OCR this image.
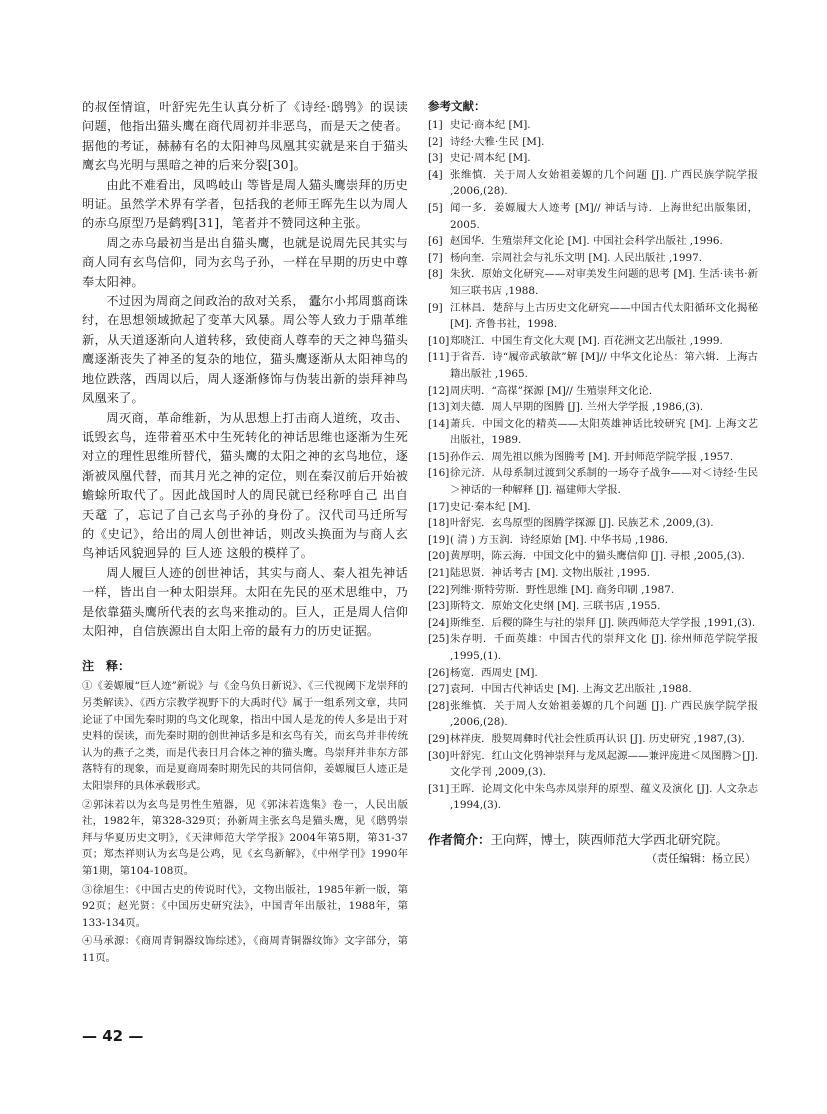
的叔侄情谊，叶舒宪先生认真分析了《诗经·鸱鸮》的误读问题，他指出猫头鹰在商代周初并非恶鸟，而是天之使者。据他的考证，赫赫有名的太阳神鸟凤凰其实就是来自于猫头鹰玄鸟光明与黑暗之神的后来分裂[30]。

由此不难看出，凤鸣岐山 等皆是周人猫头鹰崇拜的历史明证。虽然学术界有学者，包括我的老师王晖先生以为周人的赤乌原型乃是鹤鸦[31]，笔者并不赞同这种主张。

周之赤乌最初当是出自猫头鹰，也就是说周先民其实与商人同有玄鸟信仰，同为玄鸟子孙，一样在早期的历史中尊奉太阳神。

不过因为周商之间政治的敌对关系， 蠹尔小邦周翦商诛纣，在思想领域掀起了变革大风暴。周公等人致力于鼎革维新，从天道逐渐向人道转移，致使商人尊奉的天之神鸟猫头鹰逐渐丧失了神圣的复杂的地位，猫头鹰逐渐从太阳神鸟的地位跌落，西周以后，周人逐渐修饰与伪装出新的崇拜神鸟 凤凰来了。

周灭商，革命维新，为从思想上打击商人道统，攻击、诋毁玄鸟，连带着巫术中生死转化的神话思维也逐渐为生死对立的理性思维所替代，猫头鹰的太阳之神的玄鸟地位，逐渐被凤凰代替，而其月光之神的定位，则在秦汉前后开始被蟾蜍所取代了。因此战国时人的周民就已经称呼自己 出自天鼋 了，忘记了自己玄鸟子孙的身份了。汉代司马迁所写的《史记》，给出的周人创世神话，则改头换面为与商人玄鸟神话风貌迥异的 巨人迹 这般的模样了。

周人履巨人迹的创世神话，其实与商人、秦人祖先神话一样，皆出自一种太阳崇拜。太阳在先民的巫术思维中，乃是依靠猫头鹰所代表的玄鸟来推动的。巨人，正是周人信仰太阳神，自信族源出自太阳上帝的最有力的历史证据。

注　释：

①《姜嫄履“巨人迹”新说》与《金乌负日新说》、《三代视阈下龙崇拜的另类解读》、《西方宗教学视野下的大禹时代》属于一组系列文章，共同论证了中国先秦时期的鸟文化现象，指出中国人是龙的传人多是出于对史料的误读，而先秦时期的创世神话多是和玄鸟有关，而玄鸟并非传统认为的燕子之类，而是代表日月合体之神的猫头鹰。鸟崇拜并非东方部落特有的现象，而是夏商周秦时期先民的共同信仰，姜嫄履巨人迹正是太阳崇拜的具体承载形式。

②郭沫若以为玄鸟是男性生殖器，见《郭沫若选集》卷一，人民出版社，1982年，第328-329页；孙新周主张玄鸟是猫头鹰，见《鸱鸮崇拜与华夏历史文明》，《天津师范大学学报》2004年第5期，第31-37页；郑杰祥则认为玄鸟是公鸡，见《玄鸟新解》，《中州学刊》1990年第1期，第104-108页。

③徐旭生：《中国古史的传说时代》，文物出版社，1985年新一版，第92页；赵光贤：《中国历史研究法》，中国青年出版社，1988年，第133-134页。

④马承源：《商周青铜器纹饰综述》，《商周青铜器纹饰》文字部分，第11页。

参考文献：

[1] 史记·商本纪 [M].
[2] 诗经·大雅·生民 [M].
[3] 史记·周本纪 [M].
[4] 张维慎．关于周人女始祖姜嫄的几个问题 [J]. 广西民族学院学报 ,2006,(28).
[5] 闻一多．姜嫄履大人迹考 [M]// 神话与诗．上海世纪出版集团，2005.
[6] 赵国华．生殖崇拜文化论 [M]. 中国社会科学出版社 ,1996.
[7] 杨向奎．宗周社会与礼乐文明 [M]. 人民出版社 ,1997.
[8] 朱狄．原始文化研究——对审美发生问题的思考 [M]. 生活·读书·新知三联书店 ,1988.
[9] 江林昌．楚辞与上古历史文化研究——中国古代太阳循环文化揭秘 [M]. 齐鲁书社，1998.
[10] 郑晓江．中国生育文化大观 [M]. 百花洲文艺出版社 ,1999.
[11] 于省吾．诗“履帝武敏歆”解 [M]// 中华文化论丛：第六辑．上海古籍出版社 ,1965.
[12] 周庆明．“高禖”探源 [M]// 生殖崇拜文化论．
[13] 刘夫德．周人早期的图腾 [J]. 兰州大学学报 ,1986,(3).
[14] 萧兵．中国文化的精英——太阳英雄神话比较研究 [M]. 上海文艺出版社，1989.
[15] 孙作云．周先祖以熊为图腾考 [M]. 开封师范学院学报 ,1957.
[16] 徐元济．从母系制过渡到父系制的一场夺子战争——对＜诗经·生民＞神话的一种解释 [J]. 福建师大学报．
[17] 史记·秦本纪 [M].
[18] 叶舒宪．玄鸟原型的图腾学探源 [J]. 民族艺术 ,2009,(3).
[19] ( 清 ) 方玉润．诗经原始 [M]. 中华书局 ,1986.
[20] 黄厚明，陈云海．中国文化中的猫头鹰信仰 [J]. 寻根 ,2005,(3).
[21] 陆思贤．神话考古 [M]. 文物出版社 ,1995.
[22] 列维·斯特劳斯．野性思维 [M]. 商务印刷 ,1987.
[23] 斯特文．原始文化史纲 [M]. 三联书店 ,1955.
[24] 斯维至．后稷的降生与社的崇拜 [J]. 陕西师范大学学报 ,1991,(3).
[25] 朱存明．千面英雄：中国古代的崇拜文化 [J]. 徐州师范学院学报 ,1995,(1).
[26] 杨宽．西周史 [M].
[27] 袁珂．中国古代神话史 [M]. 上海文艺出版社 ,1988.
[28] 张维慎．关于周人女始祖姜嫄的几个问题 [J]. 广西民族学院学报 ,2006,(28).
[29] 林祥庚．殷契周彝时代社会性质再认识 [J]. 历史研究 ,1987,(3).
[30] 叶舒宪．红山文化鸮神崇拜与龙凤起源——兼评庞进＜凤图腾＞[J]. 文化学刊 ,2009,(3).
[31] 王晖．论周文化中朱鸟赤凤崇拜的原型、蕴义及演化 [J]. 人文杂志 ,1994,(3).
作者简介：王向辉，博士，陕西师范大学西北研究院。
（责任编辑：杨立民）
— 42 —
